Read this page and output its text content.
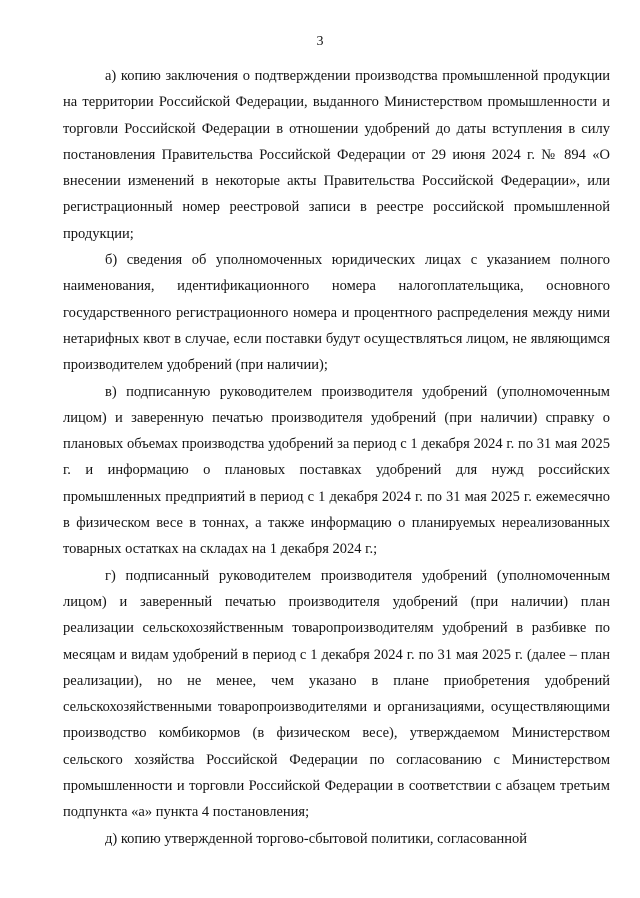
3

а) копию заключения о подтверждении производства промышленной продукции на территории Российской Федерации, выданного Министерством промышленности и торговли Российской Федерации в отношении удобрений до даты вступления в силу постановления Правительства Российской Федерации от 29 июня 2024 г. № 894 «О внесении изменений в некоторые акты Правительства Российской Федерации», или регистрационный номер реестровой записи в реестре российской промышленной продукции;

б) сведения об уполномоченных юридических лицах с указанием полного наименования, идентификационного номера налогоплательщика, основного государственного регистрационного номера и процентного распределения между ними нетарифных квот в случае, если поставки будут осуществляться лицом, не являющимся производителем удобрений (при наличии);

в) подписанную руководителем производителя удобрений (уполномоченным лицом) и заверенную печатью производителя удобрений (при наличии) справку о плановых объемах производства удобрений за период с 1 декабря 2024 г. по 31 мая 2025 г. и информацию о плановых поставках удобрений для нужд российских промышленных предприятий в период с 1 декабря 2024 г. по 31 мая 2025 г. ежемесячно в физическом весе в тоннах, а также информацию о планируемых нереализованных товарных остатках на складах на 1 декабря 2024 г.;

г) подписанный руководителем производителя удобрений (уполномоченным лицом) и заверенный печатью производителя удобрений (при наличии) план реализации сельскохозяйственным товаропроизводителям удобрений в разбивке по месяцам и видам удобрений в период с 1 декабря 2024 г. по 31 мая 2025 г. (далее – план реализации), но не менее, чем указано в плане приобретения удобрений сельскохозяйственными товаропроизводителями и организациями, осуществляющими производство комбикормов (в физическом весе), утверждаемом Министерством сельского хозяйства Российской Федерации по согласованию с Министерством промышленности и торговли Российской Федерации в соответствии с абзацем третьим подпункта «а» пункта 4 постановления;

д) копию утвержденной торгово-сбытовой политики, согласованной
